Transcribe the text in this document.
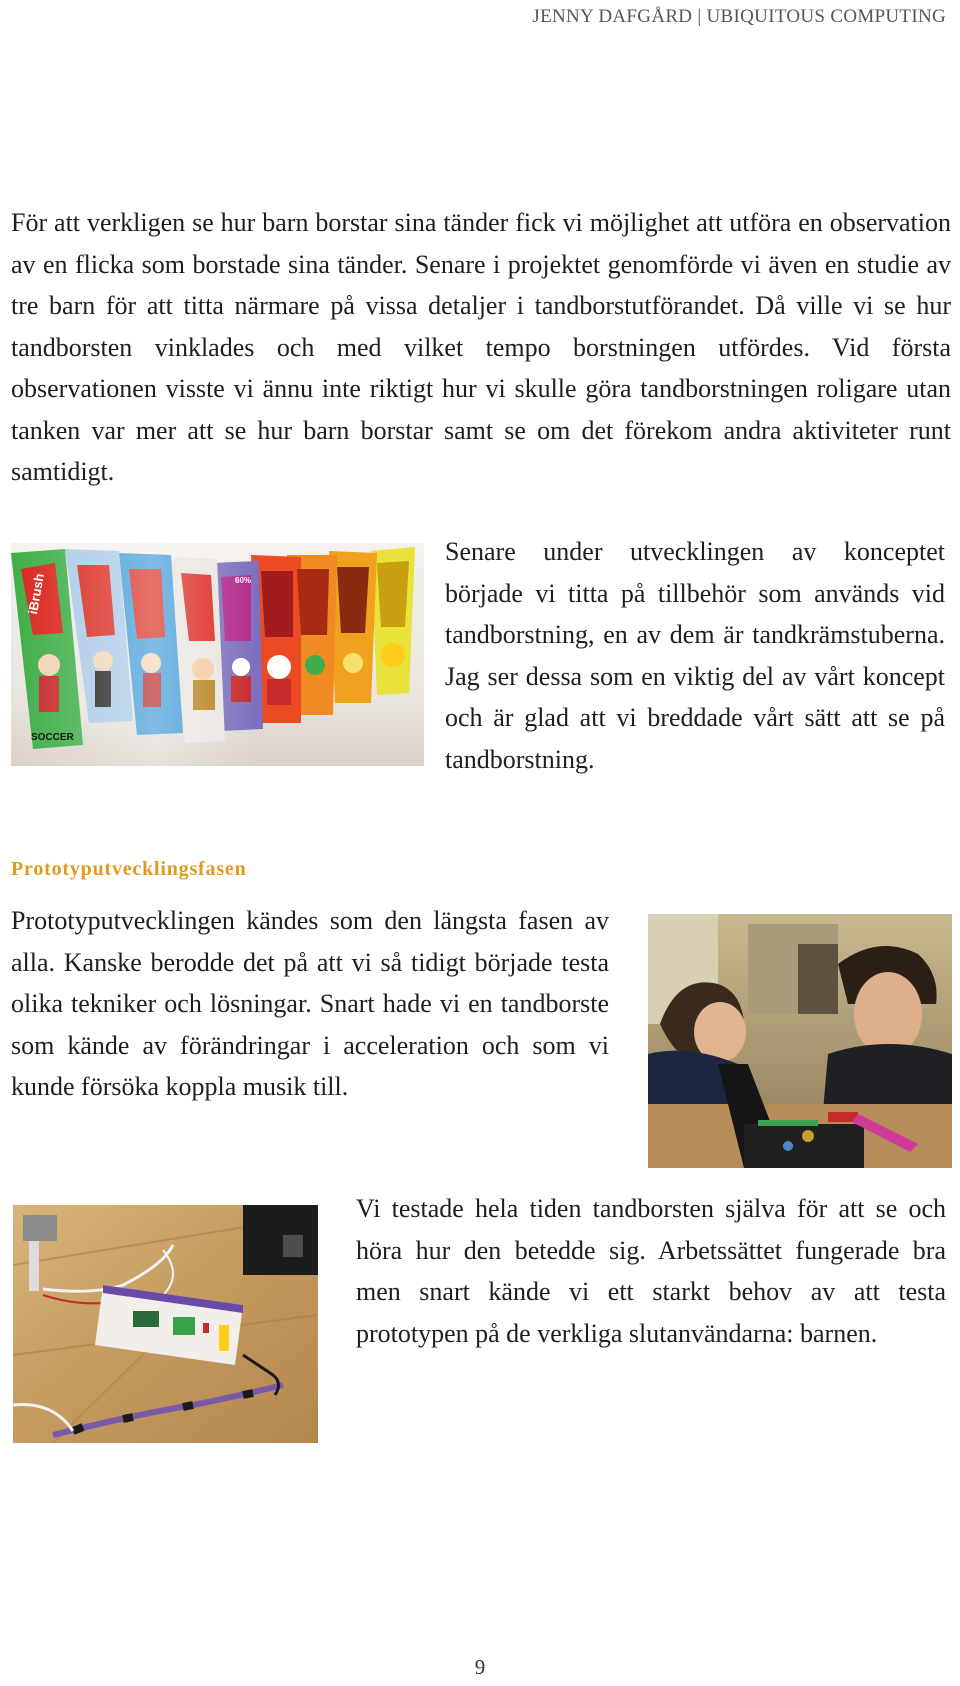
JENNY DAFGÅRD | UBIQUITOUS COMPUTING

För att verkligen se hur barn borstar sina tänder fick vi möjlighet att utföra en observation av en flicka som borstade sina tänder. Senare i projektet genomförde vi även en studie av tre barn för att titta närmare på vissa detaljer i tandborstutförandet. Då ville vi se hur tandborsten vinklades och med vilket tempo borstningen utfördes. Vid första observationen visste vi ännu inte riktigt hur vi skulle göra tandborstningen roligare utan tanken var mer att se hur barn borstar samt se om det förekom andra aktiviteter runt samtidigt.

SOCCER
60%
iBrush

Senare under utvecklingen av konceptet började vi titta på tillbehör som används vid tandborstning, en av dem är tandkrämstuberna. Jag ser dessa som en viktig del av vårt koncept och är glad att vi breddade vårt sätt att se på tandborstning.

Prototyputvecklingsfasen

Prototyputvecklingen kändes som den längsta fasen av alla. Kanske berodde det på att vi så tidigt började testa olika tekniker och lösningar. Snart hade vi en tandborste som kände av förändringar i acceleration och som vi kunde försöka koppla musik till.

Vi testade hela tiden tandborsten själva för att se och höra hur den betedde sig. Arbetssättet fungerade bra men snart kände vi ett starkt behov av att testa prototypen på de verkliga slutanvändarna: barnen.

9
